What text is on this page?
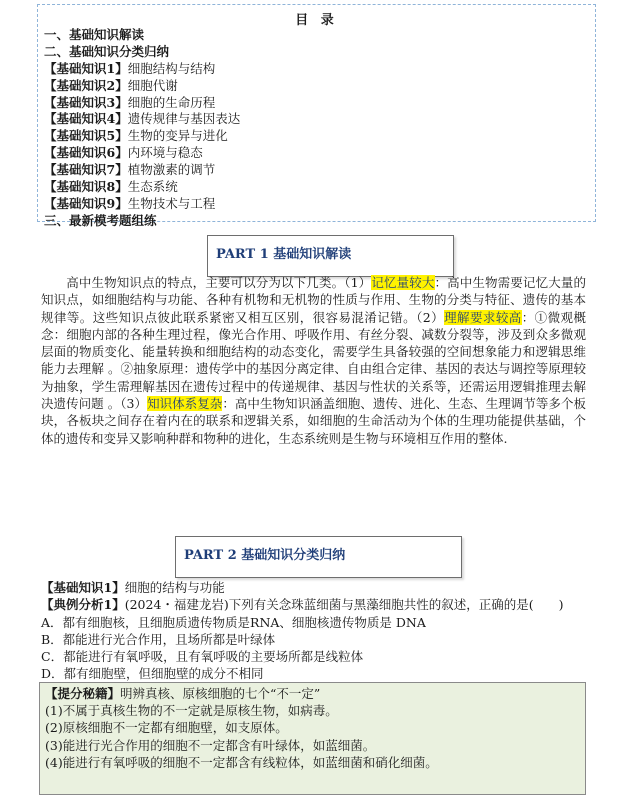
目 录
一、基础知识解读
二、基础知识分类归纳
【基础知识1】细胞结构与结构
【基础知识2】细胞代谢
【基础知识3】细胞的生命历程
【基础知识4】遗传规律与基因表达
【基础知识5】生物的变异与进化
【基础知识6】内环境与稳态
【基础知识7】植物激素的调节
【基础知识8】生态系统
【基础知识9】生物技术与工程
三、最新模考题组练
PART 1 基础知识解读

　　高中生物知识点的特点，主要可以分为以下几类。（1）记忆量较大：高中生物需要记忆大量的知识点，如细胞结构与功能、各种有机物和无机物的性质与作用、生物的分类与特征、遗传的基本规律等。这些知识点彼此联系紧密又相互区别，很容易混淆记错。（2）理解要求较高：①微观概念：细胞内部的各种生理过程，像光合作用、呼吸作用、有丝分裂、减数分裂等，涉及到众多微观层面的物质变化、能量转换和细胞结构的动态变化，需要学生具备较强的空间想象能力和逻辑思维能力去理解 。②抽象原理：遗传学中的基因分离定律、自由组合定律、基因的表达与调控等原理较为抽象，学生需理解基因在遗传过程中的传递规律、基因与性状的关系等，还需运用逻辑推理去解决遗传问题 。（3）知识体系复杂：高中生物知识涵盖细胞、遗传、进化、生态、生理调节等多个板块，各板块之间存在着内在的联系和逻辑关系，如细胞的生命活动为个体的生理功能提供基础，个体的遗传和变异又影响种群和物种的进化，生态系统则是生物与环境相互作用的整体.

PART 2 基础知识分类归纳
【基础知识1】细胞的结构与功能
【典例分析1】(2024・福建龙岩)下列有关念珠蓝细菌与黑藻细胞共性的叙述，正确的是(　　)
A．都有细胞核，且细胞质遗传物质是RNA、细胞核遗传物质是 DNA
B．都能进行光合作用，且场所都是叶绿体
C．都能进行有氧呼吸，且有氧呼吸的主要场所都是线粒体
D．都有细胞壁，但细胞壁的成分不相同
【提分秘籍】明辨真核、原核细胞的七个“不一定”
(1)不属于真核生物的不一定就是原核生物，如病毒。
(2)原核细胞不一定都有细胞壁，如支原体。
(3)能进行光合作用的细胞不一定都含有叶绿体，如蓝细菌。
(4)能进行有氧呼吸的细胞不一定都含有线粒体，如蓝细菌和硝化细菌。
